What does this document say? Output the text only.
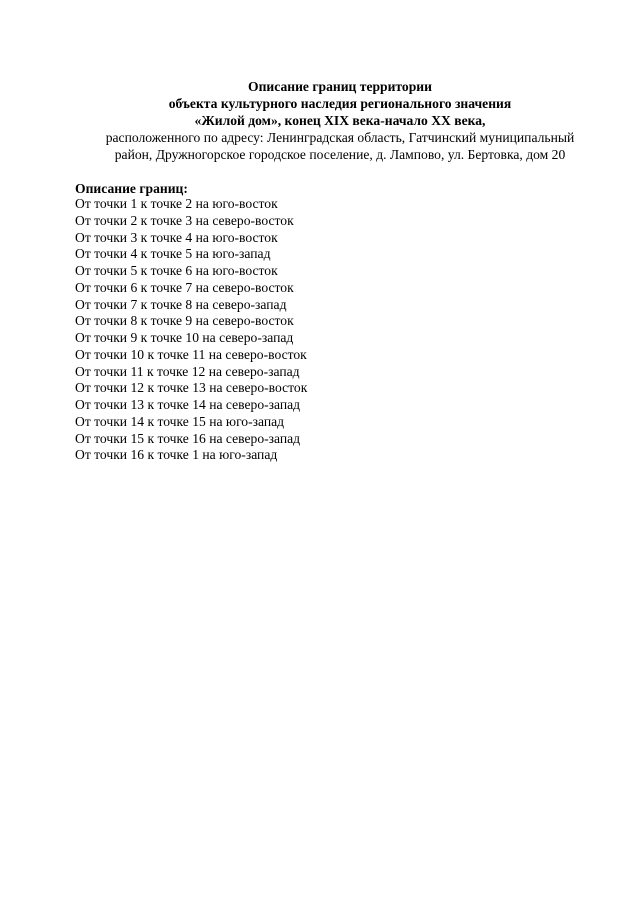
Описание границ территории
объекта культурного наследия регионального значения
«Жилой дом», конец XIX века-начало XX века,
расположенного по адресу: Ленинградская область, Гатчинский муниципальный
район, Дружногорское городское поселение, д. Лампово, ул. Бертовка, дом 20
Описание границ:
От точки 1 к точке 2 на юго-восток
От точки 2 к точке 3 на северо-восток
От точки 3 к точке 4 на юго-восток
От точки 4 к точке 5 на юго-запад
От точки 5 к точке 6 на юго-восток
От точки 6 к точке 7 на северо-восток
От точки 7 к точке 8 на северо-запад
От точки 8 к точке 9 на северо-восток
От точки 9 к точке 10 на северо-запад
От точки 10 к точке 11 на северо-восток
От точки 11 к точке 12 на северо-запад
От точки 12 к точке 13 на северо-восток
От точки 13 к точке 14 на северо-запад
От точки 14 к точке 15 на юго-запад
От точки 15 к точке 16 на северо-запад
От точки 16 к точке 1 на юго-запад
